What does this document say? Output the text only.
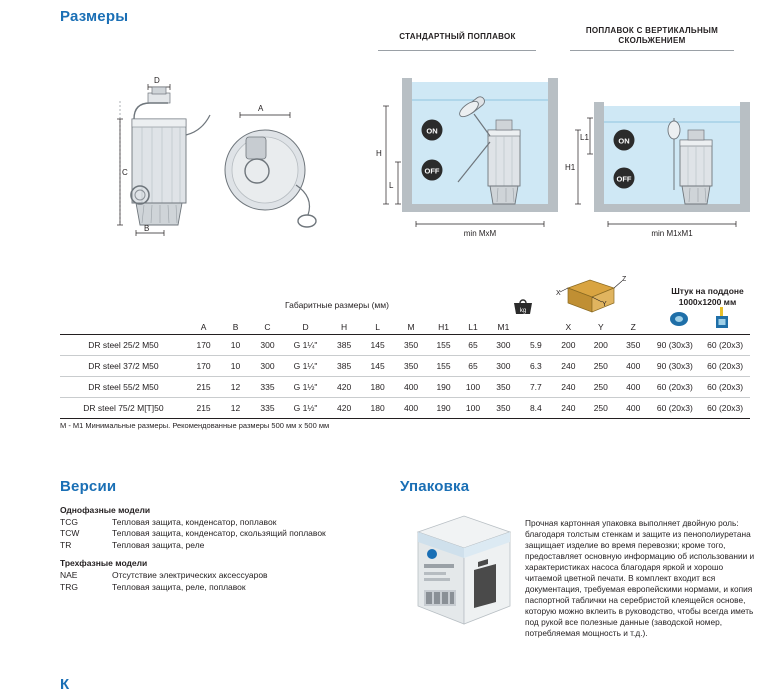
Размеры
D
C
B
A
СТАНДАРТНЫЙ ПОПЛАВОК
ПОПЛАВОК С ВЕРТИКАЛЬНЫМ СКОЛЬЖЕНИЕМ
ON
OFF
H
L
min MxM
ON
OFF
H1
L1
min M1xM1
Z
X
Y
kg
Штук на поддоне
1000x1200 мм
	Габаритные размеры (мм)															
	A	B	C	D	H	L	M	H1	L1	M1		X	Y	Z		
DR steel 25/2 M50	170	10	300	G 1¼"	385	145	350	155	65	300	5.9	200	200	350	90 (30x3)	60 (20x3)
DR steel 37/2 M50	170	10	300	G 1¼"	385	145	350	155	65	300	6.3	240	250	400	90 (30x3)	60 (20x3)
DR steel 55/2 M50	215	12	335	G 1½"	420	180	400	190	100	350	7.7	240	250	400	60 (20x3)	60 (20x3)
DR steel 75/2 M[T]50	215	12	335	G 1½"	420	180	400	190	100	350	8.4	240	250	400	60 (20x3)	60 (20x3)
M - M1 Минимальные размеры. Рекомендованные размеры 500 мм x 500 мм
Версии
Однофазные модели
TCG	Тепловая защита, конденсатор, поплавок
TCW	Тепловая защита, конденсатор, скользящий поплавок
TR	Тепловая защита, реле
Трехфазные модели
NAE	Отсутствие электрических аксессуаров
TRG	Тепловая защита, реле, поплавок
Упаковка
Прочная картонная упаковка выполняет двойную роль: благодаря толстым стенкам и защите из пенополиуретана защищает изделие во время перевозки; кроме того, предоставляет основную информацию об использовании и характеристиках насоса благодаря яркой и хорошо читаемой цветной печати. В комплект входит вся документация, требуемая европейскими нормами, и копия паспортной таблички на серебристой клеящейся основе, которую можно вклеить в руководство, чтобы всегда иметь под рукой все полезные данные (заводской номер, потребляемая мощность и т.д.).
К
